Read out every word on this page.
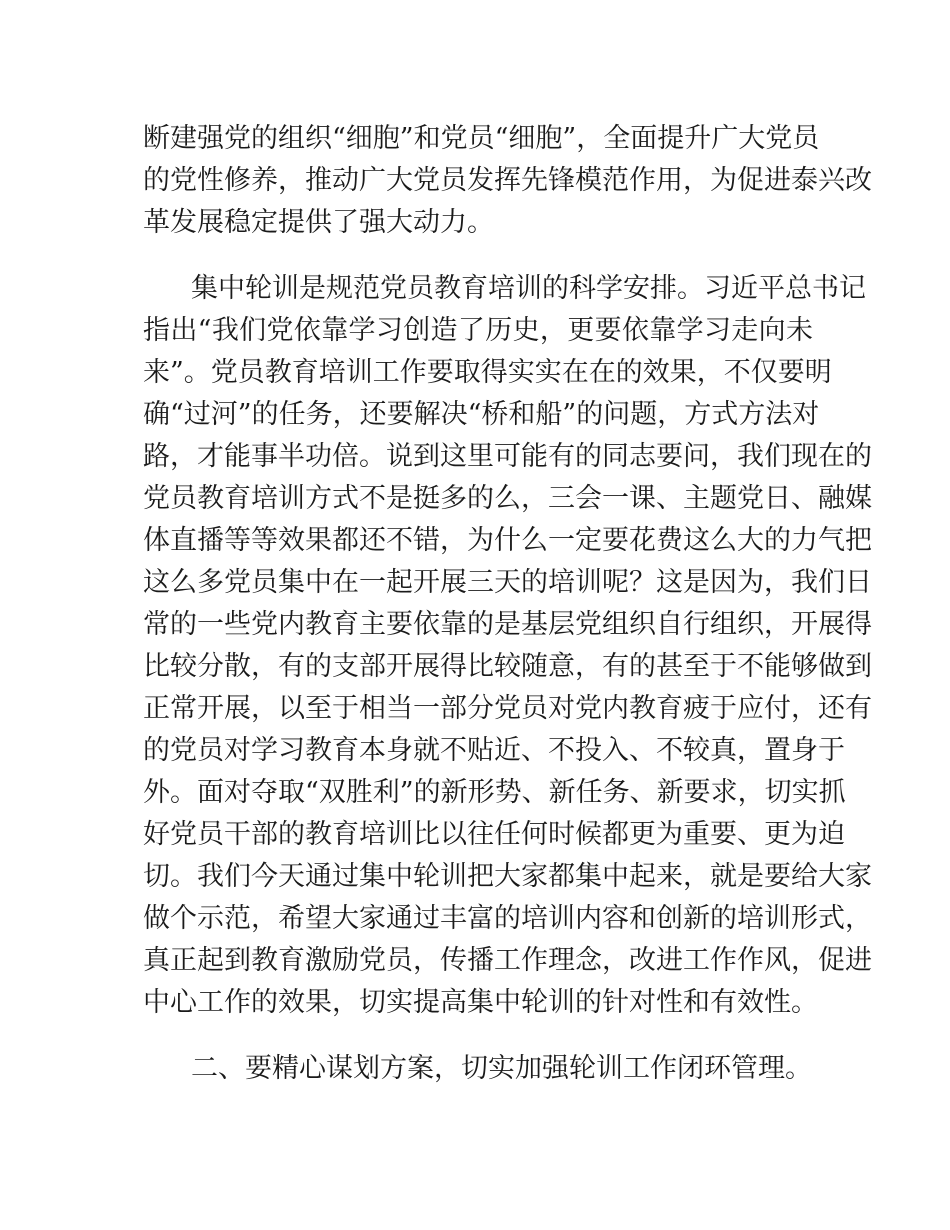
断建强党的组织“细胞”和党员“细胞”，全面提升广大党员
的党性修养，推动广大党员发挥先锋模范作用，为促进泰兴改
革发展稳定提供了强大动力。
集中轮训是规范党员教育培训的科学安排。习近平总书记
指出“我们党依靠学习创造了历史，更要依靠学习走向未
来”。党员教育培训工作要取得实实在在的效果，不仅要明
确“过河”的任务，还要解决“桥和船”的问题，方式方法对
路，才能事半功倍。说到这里可能有的同志要问，我们现在的
党员教育培训方式不是挺多的么，三会一课、主题党日、融媒
体直播等等效果都还不错，为什么一定要花费这么大的力气把
这么多党员集中在一起开展三天的培训呢？这是因为，我们日
常的一些党内教育主要依靠的是基层党组织自行组织，开展得
比较分散，有的支部开展得比较随意，有的甚至于不能够做到
正常开展，以至于相当一部分党员对党内教育疲于应付，还有
的党员对学习教育本身就不贴近、不投入、不较真，置身于
外。面对夺取“双胜利”的新形势、新任务、新要求，切实抓
好党员干部的教育培训比以往任何时候都更为重要、更为迫
切。我们今天通过集中轮训把大家都集中起来，就是要给大家
做个示范，希望大家通过丰富的培训内容和创新的培训形式，
真正起到教育激励党员，传播工作理念，改进工作作风，促进
中心工作的效果，切实提高集中轮训的针对性和有效性。
二、要精心谋划方案，切实加强轮训工作闭环管理。
